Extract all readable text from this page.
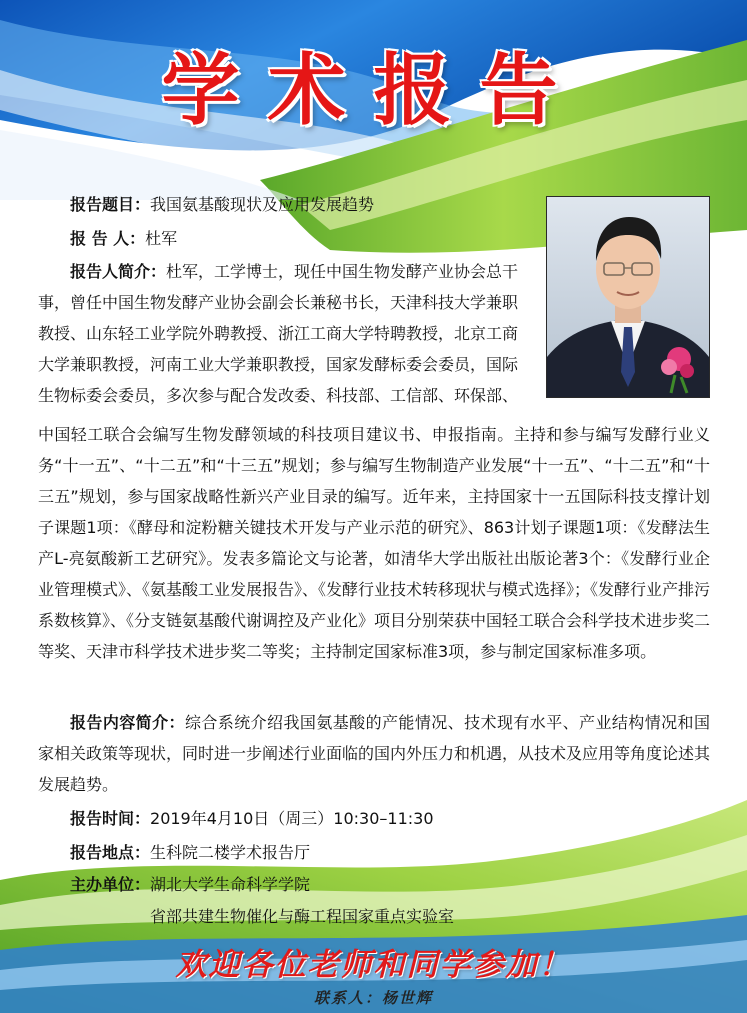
学术报告
报告题目：我国氨基酸现状及应用发展趋势
报 告 人：杜军
报告人简介：杜军，工学博士，现任中国生物发酵产业协会总干
事，曾任中国生物发酵产业协会副会长兼秘书长，天津科技大学兼职
教授、山东轻工业学院外聘教授、浙江工商大学特聘教授，北京工商
大学兼职教授，河南工业大学兼职教授，国家发酵标委会委员，国际
生物标委会委员，多次参与配合发改委、科技部、工信部、环保部、

中国轻工联合会编写生物发酵领域的科技项目建议书、申报指南。主持和参与编写发酵行业义务“十一五”、“十二五”和“十三五”规划；参与编写生物制造产业发展“十一五”、“十二五”和“十三五”规划，参与国家战略性新兴产业目录的编写。近年来，主持国家十一五国际科技支撑计划子课题1项：《酵母和淀粉糖关键技术开发与产业示范的研究》、863计划子课题1项：《发酵法生产L-亮氨酸新工艺研究》。发表多篇论文与论著，如清华大学出版社出版论著3个：《发酵行业企业管理模式》、《氨基酸工业发展报告》、《发酵行业技术转移现状与模式选择》；《发酵行业产排污系数核算》、《分支链氨基酸代谢调控及产业化》项目分别荣获中国轻工联合会科学技术进步奖二等奖、天津市科学技术进步奖二等奖；主持制定国家标准3项，参与制定国家标准多项。

报告内容简介：综合系统介绍我国氨基酸的产能情况、技术现有水平、产业结构情况和国家相关政策等现状，同时进一步阐述行业面临的国内外压力和机遇，从技术及应用等角度论述其发展趋势。

报告时间：2019年4月10日（周三）10:30–11:30
报告地点：生科院二楼学术报告厅
主办单位：湖北大学生命科学学院
省部共建生物催化与酶工程国家重点实验室
欢迎各位老师和同学参加！
联系人：杨世辉
